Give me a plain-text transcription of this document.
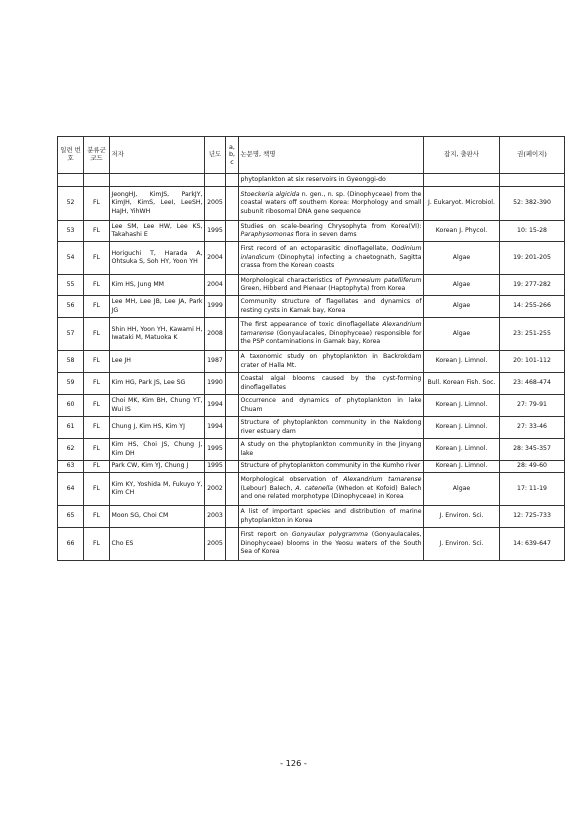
일련 번호	분류군 코드	저자	년도	a, b, c	논문명, 책명	잡지, 출판사	권(페이지)
					phytoplankton at six reservoirs in Gyeonggi-do		
52	FL	JeongHJ, KimJS, ParkJY, KimJH, KimS, LeeI, LeeSH, HaJH, YihWH	2005		Stoeckeria algicida n. gen., n. sp. (Dinophyceae) from the coastal waters off southern Korea: Morphology and small subunit ribosomal DNA gene sequence	J. Eukaryot. Microbiol.	52: 382-390
53	FL	Lee SM, Lee HW, Lee KS, Takahashi E	1995		Studies on scale-bearing Chrysophyta from Korea(VI): Paraphysomonas flora in seven dams	Korean J. Phycol.	10: 15-28
54	FL	Horiguchi T, Harada A, Ohtsuka S, Soh HY, Yoon YH	2004		First record of an ectoparasitic dinoflagellate, Oodinium inlandicum (Dinophyta) infecting a chaetognath, Sagitta crassa from the Korean coasts	Algae	19: 201-205
55	FL	Kim HS, Jung MM	2004		Morphological characteristics of Pymnesium patelliferum Green, Hibberd and Pienaar (Haptophyta) from Korea	Algae	19: 277-282
56	FL	Lee MH, Lee JB, Lee JA, Park JG	1999		Community structure of flagellates and dynamics of resting cysts in Kamak bay, Korea	Algae	14: 255-266
57	FL	Shin HH, Yoon YH, Kawami H, Iwataki M, Matuoka K	2008		The first appearance of toxic dinoflagellate Alexandrium tamarense (Gonyaulacales, Dinophyceae) responsible for the PSP contaminations in Gamak bay, Korea	Algae	23: 251-255
58	FL	Lee JH	1987		A taxonomic study on phytoplankton in Backrokdam crater of Halla Mt.	Korean J. Limnol.	20: 101-112
59	FL	Kim HG, Park JS, Lee SG	1990		Coastal algal blooms caused by the cyst-forming dinoflagellates	Bull. Korean Fish. Soc.	23: 468-474
60	FL	Choi MK, Kim BH, Chung YT, Wui IS	1994		Occurrence and dynamics of phytoplankton in lake Chuam	Korean J. Limnol.	27: 79-91
61	FL	Chung J, Kim HS, Kim YJ	1994		Structure of phytoplankton community in the Nakdong river estuary dam	Korean J. Limnol.	27: 33-46
62	FL	Kim HS, Choi JS, Chung J, Kim DH	1995		A study on the phytoplankton community in the Jinyang lake	Korean J. Limnol.	28: 345-357
63	FL	Park CW, Kim YJ, Chung J	1995		Structure of phytoplankton community in the Kumho river	Korean J. Limnol.	28: 49-60
64	FL	Kim KY, Yoshida M, Fukuyo Y, Kim CH	2002		Morphological observation of Alexandrium tamarense (Lebour) Balech, A. catenella (Whedon et Kofoid) Balech and one related morphotype (Dinophyceae) in Korea	Algae	17: 11-19
65	FL	Moon SG, Choi CM	2003		A list of important species and distribution of marine phytoplankton in Korea	J. Environ. Sci.	12: 725-733
66	FL	Cho ES	2005		First report on Gonyaulax polygramma (Gonyaulacales, Dinophyceae) blooms in the Yeosu waters of the South Sea of Korea	J. Environ. Sci.	14: 639-647
- 126 -
